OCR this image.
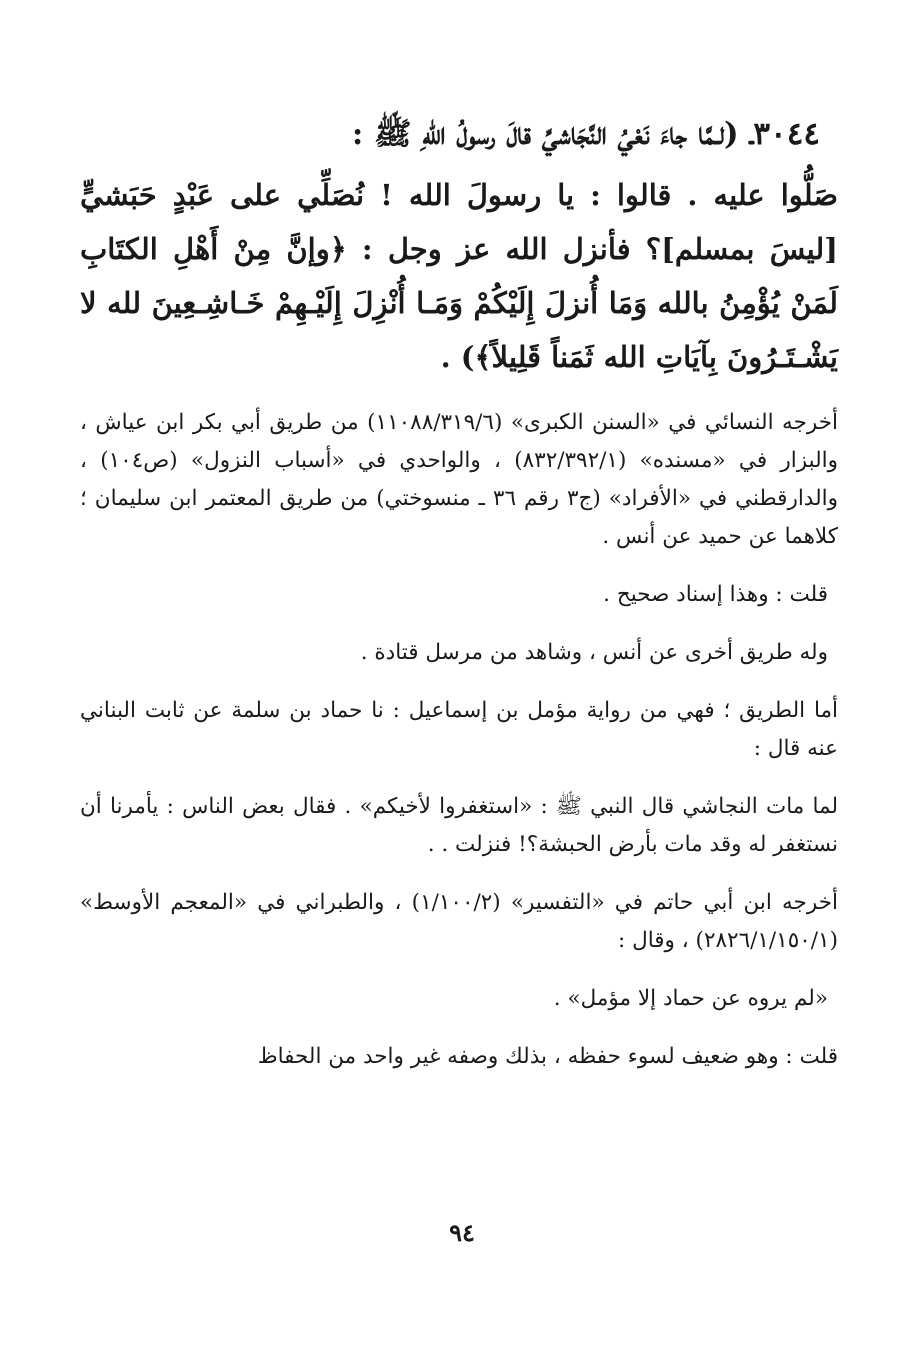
٣٠٤٤ـ (لـمَّا جاءَ نَعْيُ النَّجَاشيِّ قالَ رسولُ اللهِ ﷺ :
صَلُّوا عليه . قالوا : يا رسولَ الله ! نُصَلِّي على عَبْدٍ حَبَشيٍّ [ليسَ بمسلم]؟ فأنزل الله عز وجل : ﴿وإنَّ مِنْ أَهْلِ الكتَابِ لَمَنْ يُؤْمِنُ بالله وَمَا أُنزلَ إِلَيْكُمْ وَمَـا أُنْزِلَ إِلَيْـهِمْ خَـاشِـعِينَ لله لا يَشْـتَـرُونَ بِآيَاتِ الله ثَمَناً قَلِيلاً﴾) .

أخرجه النسائي في «السنن الكبرى» (١١٠٨٨/٣١٩/٦) من طريق أبي بكر ابن عياش ، والبزار في «مسنده» (٨٣٢/٣٩٢/١) ، والواحدي في «أسباب النزول» (ص١٠٤) ، والدارقطني في «الأفراد» (ج٣ رقم ٣٦ ـ منسوختي) من طريق المعتمر ابن سليمان ؛ كلاهما عن حميد عن أنس .

قلت : وهذا إسناد صحيح .

وله طريق أخرى عن أنس ، وشاهد من مرسل قتادة .

أما الطريق ؛ فهي من رواية مؤمل بن إسماعيل : نا حماد بن سلمة عن ثابت البناني عنه قال :

لما مات النجاشي قال النبي ﷺ : «استغفروا لأخيكم» . فقال بعض الناس : يأمرنا أن نستغفر له وقد مات بأرض الحبشة؟! فنزلت . .

أخرجه ابن أبي حاتم في «التفسير» (١/١٠٠/٢) ، والطبراني في «المعجم الأوسط» (٢٨٢٦/١/١٥٠/١) ، وقال :

«لم يروه عن حماد إلا مؤمل» .

قلت : وهو ضعيف لسوء حفظه ، بذلك وصفه غير واحد من الحفاظ

٩٤
